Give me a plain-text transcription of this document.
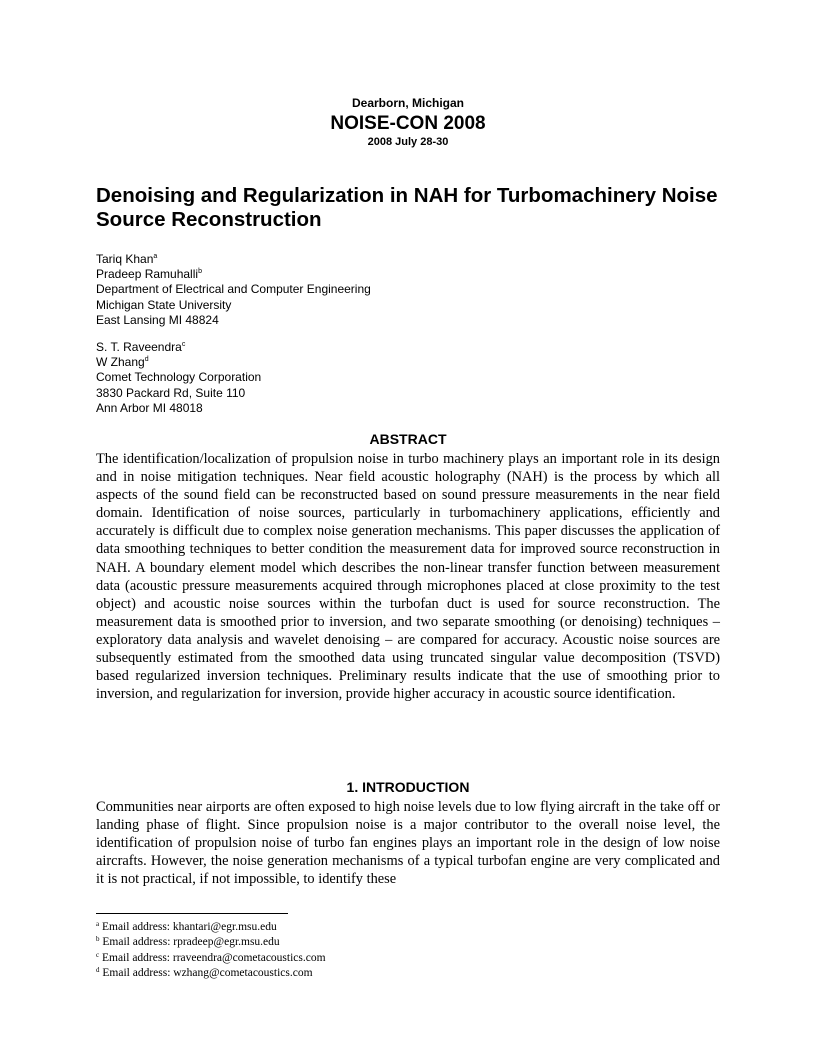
Dearborn, Michigan
NOISE-CON 2008
2008 July 28-30
Denoising and Regularization in NAH for Turbomachinery Noise Source Reconstruction
Tariq Khan$^a$
Pradeep Ramuhalli$^b$
Department of Electrical and Computer Engineering
Michigan State University
East Lansing MI 48824
S. T. Raveendra$^c$
W Zhang$^d$
Comet Technology Corporation
3830 Packard Rd, Suite 110
Ann Arbor MI 48018
ABSTRACT
The identification/localization of propulsion noise in turbo machinery plays an important role in its design and in noise mitigation techniques. Near field acoustic holography (NAH) is the process by which all aspects of the sound field can be reconstructed based on sound pressure measurements in the near field domain. Identification of noise sources, particularly in turbomachinery applications, efficiently and accurately is difficult due to complex noise generation mechanisms. This paper discusses the application of data smoothing techniques to better condition the measurement data for improved source reconstruction in NAH. A boundary element model which describes the non-linear transfer function between measurement data (acoustic pressure measurements acquired through microphones placed at close proximity to the test object) and acoustic noise sources within the turbofan duct is used for source reconstruction. The measurement data is smoothed prior to inversion, and two separate smoothing (or denoising) techniques – exploratory data analysis and wavelet denoising – are compared for accuracy. Acoustic noise sources are subsequently estimated from the smoothed data using truncated singular value decomposition (TSVD) based regularized inversion techniques. Preliminary results indicate that the use of smoothing prior to inversion, and regularization for inversion, provide higher accuracy in acoustic source identification.
1. INTRODUCTION
Communities near airports are often exposed to high noise levels due to low flying aircraft in the take off or landing phase of flight. Since propulsion noise is a major contributor to the overall noise level, the identification of propulsion noise of turbo fan engines plays an important role in the design of low noise aircrafts. However, the noise generation mechanisms of a typical turbofan engine are very complicated and it is not practical, if not impossible, to identify these
$^a$ Email address: khantari@egr.msu.edu
$^b$ Email address: rpradeep@egr.msu.edu
$^c$ Email address: rraveendra@cometacoustics.com
$^d$ Email address: wzhang@cometacoustics.com
